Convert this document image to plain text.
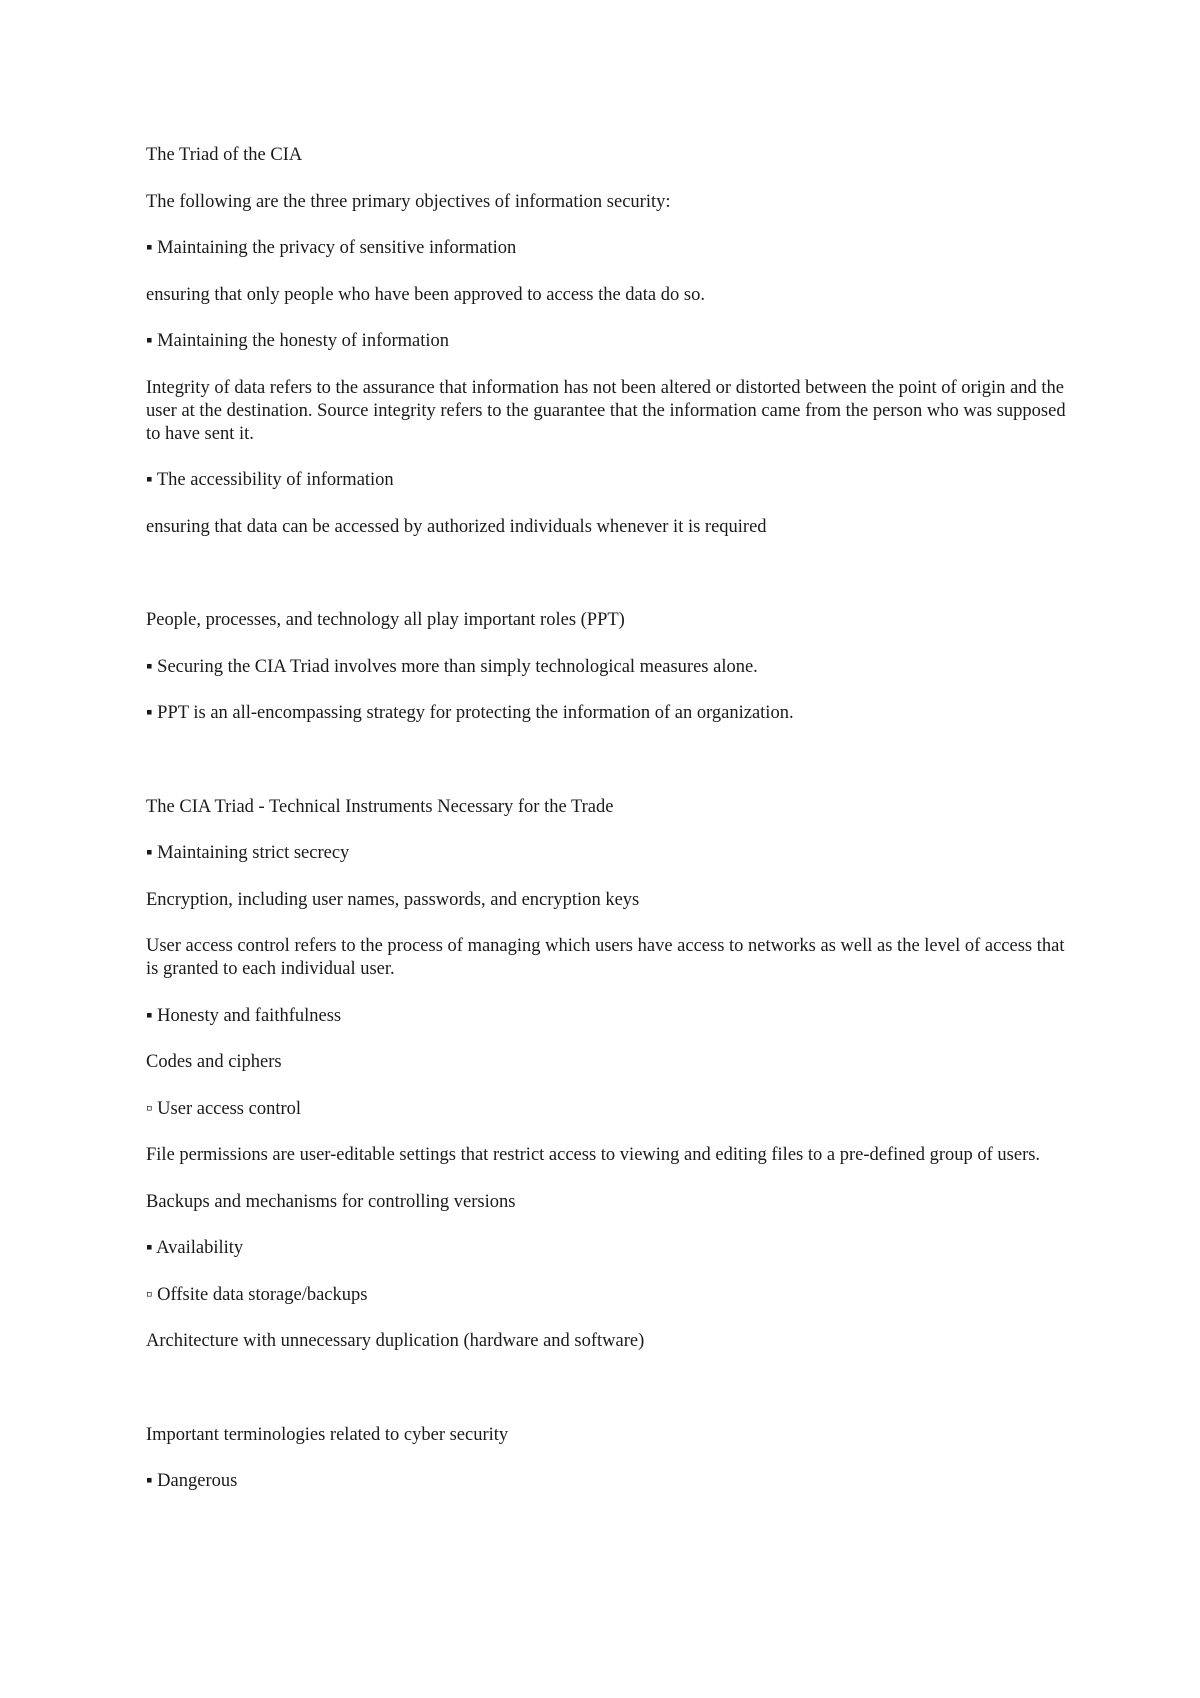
The Triad of the CIA

The following are the three primary objectives of information security:

▪ Maintaining the privacy of sensitive information

ensuring that only people who have been approved to access the data do so.

▪ Maintaining the honesty of information

Integrity of data refers to the assurance that information has not been altered or distorted between the point of origin and the user at the destination. Source integrity refers to the guarantee that the information came from the person who was supposed to have sent it.

▪ The accessibility of information

ensuring that data can be accessed by authorized individuals whenever it is required

People, processes, and technology all play important roles (PPT)

▪ Securing the CIA Triad involves more than simply technological measures alone.

▪ PPT is an all-encompassing strategy for protecting the information of an organization.

The CIA Triad - Technical Instruments Necessary for the Trade

▪ Maintaining strict secrecy

Encryption, including user names, passwords, and encryption keys

User access control refers to the process of managing which users have access to networks as well as the level of access that is granted to each individual user.

▪ Honesty and faithfulness

Codes and ciphers

▫ User access control

File permissions are user-editable settings that restrict access to viewing and editing files to a pre-defined group of users.

Backups and mechanisms for controlling versions

▪ Availability

▫ Offsite data storage/backups

Architecture with unnecessary duplication (hardware and software)

Important terminologies related to cyber security

▪ Dangerous
